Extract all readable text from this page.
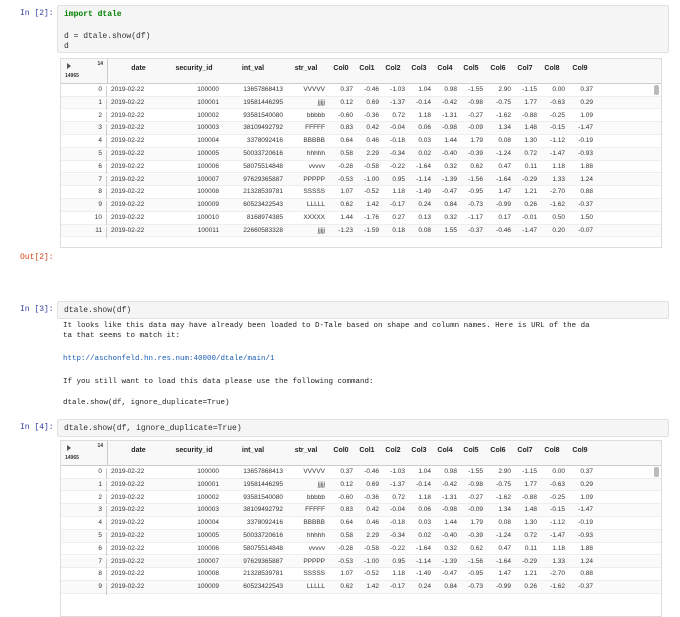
In [2]: import dtale
d = dtale.show(df)
d
14
14965
date	security_id	int_val	str_val	Col0	Col1	Col2	Col3	Col4	Col5	Col6	Col7	Col8	Col9
0	2019-02-22	100000	13657868413	VVVVV	0.37	-0.46	-1.03	1.04	0.98	-1.55	2.90	-1.15	0.00	0.37
1	2019-02-22	100001	19581446295	jjjjj	0.12	0.69	-1.37	-0.14	-0.42	-0.98	-0.75	1.77	-0.63	0.29
2	2019-02-22	100002	93581540080	bbbbb	-0.60	-0.36	0.72	1.18	-1.31	-0.27	-1.62	-0.88	-0.25	1.09
3	2019-02-22	100003	38109492792	FFFFF	0.83	0.42	-0.04	0.06	-0.98	-0.09	1.34	1.48	-0.15	-1.47
4	2019-02-22	100004	3378092416	BBBBB	0.64	0.46	-0.18	0.03	1.44	1.79	0.08	1.30	-1.12	-0.19
5	2019-02-22	100005	50033720616	hhhhh	0.58	2.29	-0.34	0.02	-0.40	-0.39	-1.24	0.72	-1.47	-0.93
6	2019-02-22	100006	58075514848	vvvvv	-0.28	-0.58	-0.22	-1.64	0.32	0.62	0.47	0.11	1.18	1.88
7	2019-02-22	100007	97629365887	PPPPP	-0.53	-1.00	0.95	-1.14	-1.39	-1.56	-1.64	-0.29	1.33	1.24
8	2019-02-22	100008	21328539781	SSSSS	1.07	-0.52	1.18	-1.49	-0.47	-0.95	1.47	1.21	-2.70	0.88
9	2019-02-22	100009	60523422543	LLLLL	0.62	1.42	-0.17	0.24	0.84	-0.73	-0.99	0.26	-1.62	-0.37
10	2019-02-22	100010	8168974385	XXXXX	1.44	-1.76	0.27	0.13	0.32	-1.17	0.17	-0.01	0.50	1.50
11	2019-02-22	100011	22660583328	jjjjj	-1.23	-1.59	0.18	0.08	1.55	-0.37	-0.46	-1.47	0.20	-0.07
Out[2]:
In [3]: dtale.show(df)
It looks like this data may have already been loaded to D-Tale based on shape and column names. Here is URL of the da
ta that seems to match it:
http://aschonfeld.hn.res.num:40000/dtale/main/1
If you still want to load this data please use the following command:
dtale.show(df, ignore_duplicate=True)
In [4]: dtale.show(df, ignore_duplicate=True)
14
14965
date	security_id	int_val	str_val	Col0	Col1	Col2	Col3	Col4	Col5	Col6	Col7	Col8	Col9
0	2019-02-22	100000	13657868413	VVVVV	0.37	-0.46	-1.03	1.04	0.98	-1.55	2.90	-1.15	0.00	0.37
1	2019-02-22	100001	19581446295	jjjjj	0.12	0.69	-1.37	-0.14	-0.42	-0.98	-0.75	1.77	-0.63	0.29
2	2019-02-22	100002	93581540080	bbbbb	-0.60	-0.36	0.72	1.18	-1.31	-0.27	-1.62	-0.88	-0.25	1.09
3	2019-02-22	100003	38109492792	FFFFF	0.83	0.42	-0.04	0.06	-0.98	-0.09	1.34	1.48	-0.15	-1.47
4	2019-02-22	100004	3378092416	BBBBB	0.64	0.46	-0.18	0.03	1.44	1.79	0.08	1.30	-1.12	-0.19
5	2019-02-22	100005	50033720616	hhhhh	0.58	2.29	-0.34	0.02	-0.40	-0.39	-1.24	0.72	-1.47	-0.93
6	2019-02-22	100006	58075514848	vvvvv	-0.28	-0.58	-0.22	-1.64	0.32	0.62	0.47	0.11	1.18	1.88
7	2019-02-22	100007	97629365887	PPPPP	-0.53	-1.00	0.95	-1.14	-1.39	-1.56	-1.64	-0.29	1.33	1.24
8	2019-02-22	100008	21328539781	SSSSS	1.07	-0.52	1.18	-1.49	-0.47	-0.95	1.47	1.21	-2.70	0.88
9	2019-02-22	100009	60523422543	LLLLL	0.62	1.42	-0.17	0.24	0.84	-0.73	-0.99	0.26	-1.62	-0.37
